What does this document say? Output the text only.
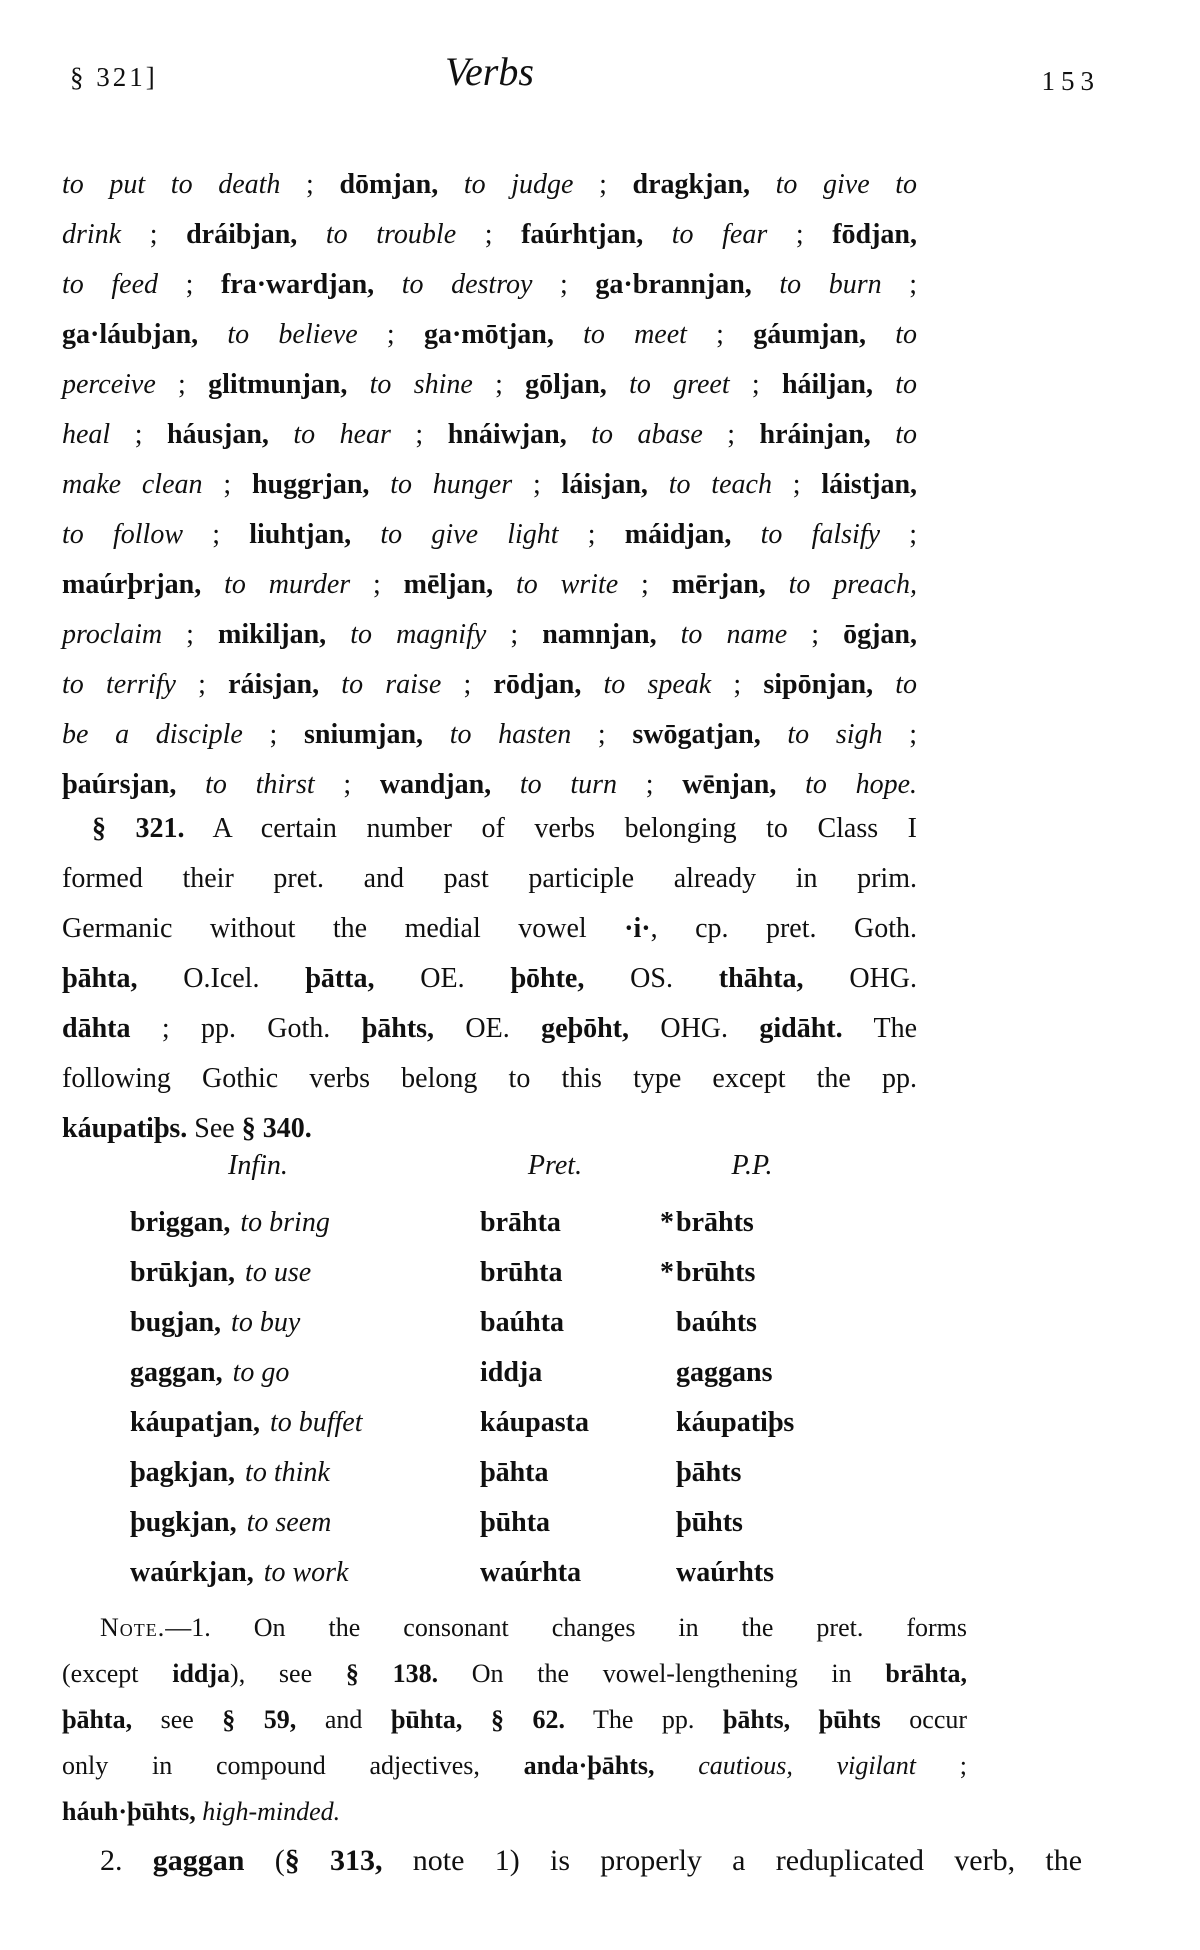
§ 321]	Verbs	153
to put to death ; dōmjan, to judge ; dragkjan, to give to
drink ; dráibjan, to trouble ; faúrhtjan, to fear ; fōdjan,
to feed ; fra·wardjan, to destroy ; ga·brannjan, to burn ;
ga·láubjan, to believe ; ga·mōtjan, to meet ; gáumjan, to
perceive ; glitmunjan, to shine ; gōljan, to greet ; háiljan, to
heal ; háusjan, to hear ; hnáiwjan, to abase ; hráinjan, to
make clean ; huggrjan, to hunger ; láisjan, to teach ; láistjan,
to follow ; liuhtjan, to give light ; máidjan, to falsify ;
maúrþrjan, to murder ; mēljan, to write ; mērjan, to preach,
proclaim ; mikiljan, to magnify ; namnjan, to name ; ōgjan,
to terrify ; ráisjan, to raise ; rōdjan, to speak ; sipōnjan, to
be a disciple ; sniumjan, to hasten ; swōgatjan, to sigh ;
þaúrsjan, to thirst ; wandjan, to turn ; wēnjan, to hope.
§ 321. A certain number of verbs belonging to Class I
formed their pret. and past participle already in prim.
Germanic without the medial vowel ·i·, cp. pret. Goth.
þāhta, O.Icel. þātta, OE. þōhte, OS. thāhta, OHG.
dāhta ; pp. Goth. þāhts, OE. geþōht, OHG. gidāht. The
following Gothic verbs belong to this type except the pp.
káupatiþs. See § 340.
Infin.	Pret.	P.P.
briggan, to bring	brāhta	*brāhts
brūkjan, to use	brūhta	*brūhts
bugjan, to buy	baúhta	baúhts
gaggan, to go	iddja	gaggans
káupatjan, to buffet	káupasta	káupatiþs
þagkjan, to think	þāhta	þāhts
þugkjan, to seem	þūhta	þūhts
waúrkjan, to work	waúrhta	waúrhts
Note.—1. On the consonant changes in the pret. forms
(except iddja), see § 138. On the vowel-lengthening in brāhta,
þāhta, see § 59, and þūhta, § 62. The pp. þāhts, þūhts occur
only in compound adjectives, anda·þāhts, cautious, vigilant ;
háuh·þūhts, high-minded.
2. gaggan (§ 313, note 1) is properly a reduplicated verb, the
